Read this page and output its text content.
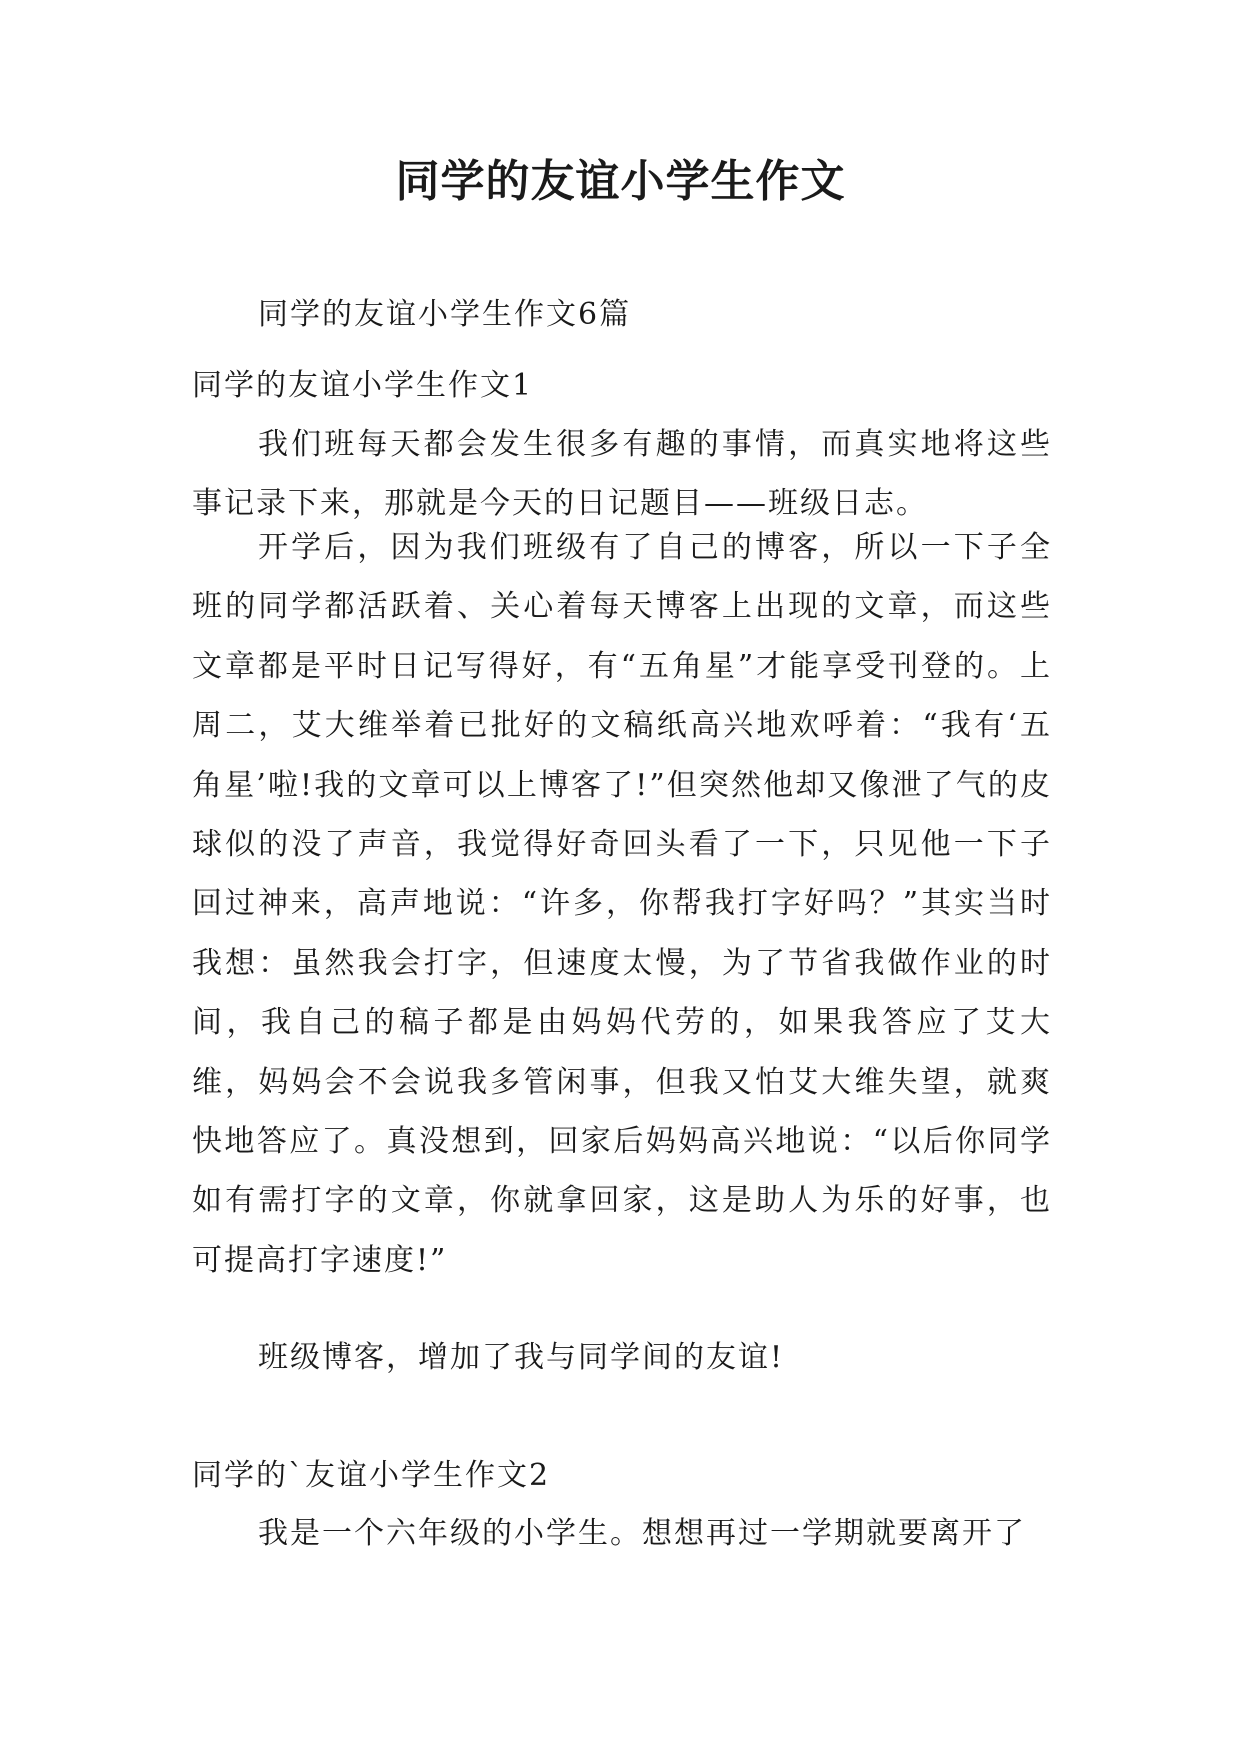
同学的友谊小学生作文
同学的友谊小学生作文6篇
同学的友谊小学生作文1

我们班每天都会发生很多有趣的事情，而真实地将这些事记录下来，那就是今天的日记题目——班级日志。

开学后，因为我们班级有了自己的博客，所以一下子全班的同学都活跃着、关心着每天博客上出现的文章，而这些文章都是平时日记写得好，有“五角星”才能享受刊登的。上周二，艾大维举着已批好的文稿纸高兴地欢呼着：“我有‘五角星’啦!我的文章可以上博客了!”但突然他却又像泄了气的皮球似的没了声音，我觉得好奇回头看了一下，只见他一下子回过神来，高声地说：“许多，你帮我打字好吗？”其实当时我想：虽然我会打字，但速度太慢，为了节省我做作业的时间，我自己的稿子都是由妈妈代劳的，如果我答应了艾大维，妈妈会不会说我多管闲事，但我又怕艾大维失望，就爽快地答应了。真没想到，回家后妈妈高兴地说：“以后你同学如有需打字的文章，你就拿回家，这是助人为乐的好事，也可提高打字速度!”

班级博客，增加了我与同学间的友谊!

同学的`友谊小学生作文2

我是一个六年级的小学生。想想再过一学期就要离开了
